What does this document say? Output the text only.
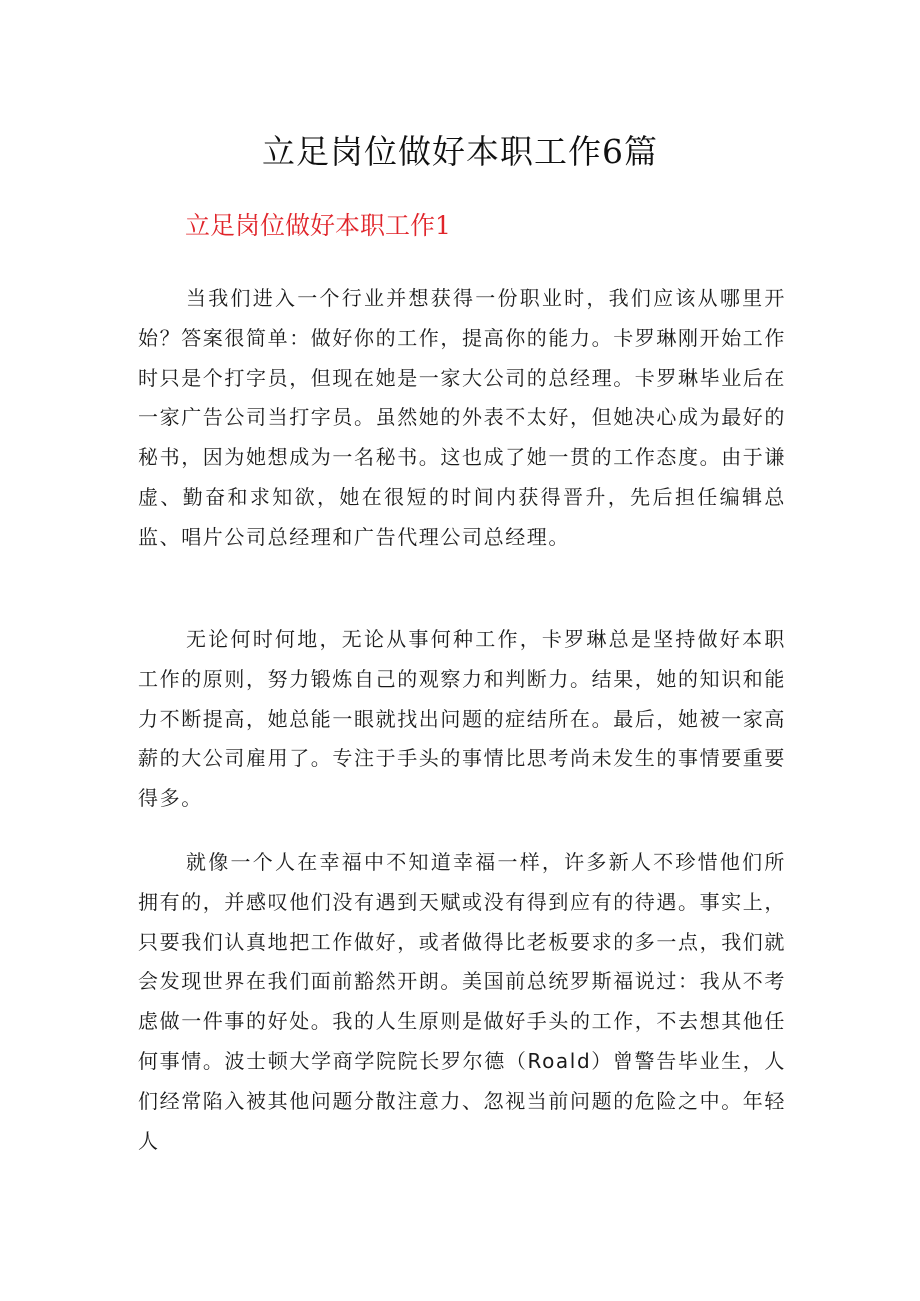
立足岗位做好本职工作6篇
立足岗位做好本职工作1

当我们进入一个行业并想获得一份职业时，我们应该从哪里开始？答案很简单：做好你的工作，提高你的能力。卡罗琳刚开始工作时只是个打字员，但现在她是一家大公司的总经理。卡罗琳毕业后在一家广告公司当打字员。虽然她的外表不太好，但她决心成为最好的秘书，因为她想成为一名秘书。这也成了她一贯的工作态度。由于谦虚、勤奋和求知欲，她在很短的时间内获得晋升，先后担任编辑总监、唱片公司总经理和广告代理公司总经理。

无论何时何地，无论从事何种工作，卡罗琳总是坚持做好本职工作的原则，努力锻炼自己的观察力和判断力。结果，她的知识和能力不断提高，她总能一眼就找出问题的症结所在。最后，她被一家高薪的大公司雇用了。专注于手头的事情比思考尚未发生的事情要重要得多。

就像一个人在幸福中不知道幸福一样，许多新人不珍惜他们所拥有的，并感叹他们没有遇到天赋或没有得到应有的待遇。事实上，只要我们认真地把工作做好，或者做得比老板要求的多一点，我们就会发现世界在我们面前豁然开朗。美国前总统罗斯福说过：我从不考虑做一件事的好处。我的人生原则是做好手头的工作，不去想其他任何事情。波士顿大学商学院院长罗尔德（Roald）曾警告毕业生，人们经常陷入被其他问题分散注意力、忽视当前问题的危险之中。年轻人
